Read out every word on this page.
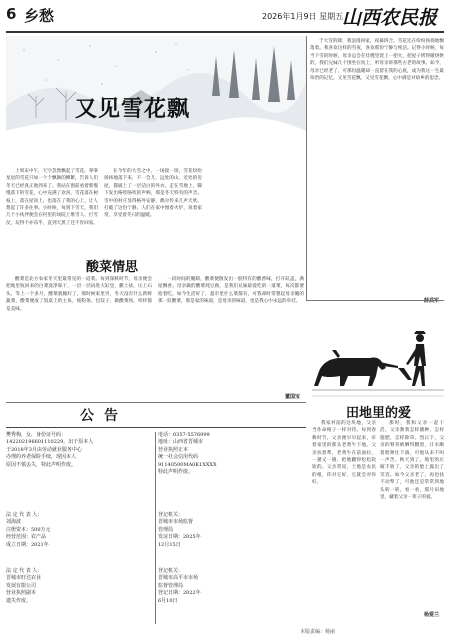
6 乡愁	2026年1月9日 星期五
山西农民报
又见雪花飘

上周末中午，天空忽然飘起了雪花。零零星星的雪花只如一个个飘舞的柳絮，告诉人们冬天已经真正地到来了。我站在窗前看着那慢慢落下的雪花，心中充满了欢喜。雪花落在树枝上，落在屋顶上，也落在了我的心上，让人想起了许多往事。小时候，每到下雪天，我们几个小伙伴便会在村里的场院上堆雪人、打雪仗，玩得不亦乐乎，直到天黑了还不肯回家。

在今年的大雪之中，一场接一场，雪花纷纷扬扬地落下来，不一会儿，远处的山、近处的房屋，都披上了一层洁白的外衣。走在雪地上，脚下发出咯吱咯吱的声响，那是冬天特有的声音。雪中的村庄显得格外安静，偶尔传来几声犬吠，打破了这份宁静。人们在家中围着火炉，说着家常，享受着冬日的温暖。

于大雪的降，我浪漫回家，夜幕四合，雪花还在纷纷扬扬地飘落着。我喜欢这样的雪夜，喜欢那份宁静与纯洁。记得小时候，每当下雪的时候，母亲总会在灶膛里烧上一把火，把屋子烤得暖烘烘的，我们兄妹几个围坐在炕上，听母亲讲那些古老的故事。如今，母亲已经老了，可那份温暖却一直留在我的心底，成为我这一生最珍贵的记忆。又见雪花飘，又见雪花飘，心中满是对故乡的思念。

薛武军
酸菜情思

酸菜是北方农家冬天里最常见的一道菜。每到深秋时节，母亲便会把地里收回来的白菜洗净晾干，一层一层码进大缸里，撒上盐，压上石头，等上一个多月，酸菜就腌好了。那时候家里穷，冬天没有什么新鲜蔬菜，酸菜便成了饭桌上的主角，炖粉条、包饺子、做酸菜汤，样样都是美味。

一段时间的腌制，酸菜便散发出一股特有的酸香味，打开缸盖，满屋飘香。母亲做的酸菜炖豆腐，是我们兄妹最爱吃的一道菜，每次都要抢着吃。如今生活好了，超市里什么菜都有，可我却时常想起母亲腌的那一缸酸菜，那是家的味道，是母亲的味道，也是我心中永远的牵挂。

董国宝
田地里的爱

我家村前的这块地，父亲当作命根子一样对待。每到春耕时节，父亲便早早起来，牵着家里的那头老黄牛下地。父亲扶着犁，老黄牛在前面拉，一趟又一趟，把地翻得松松软软的。父亲常说，土地是农民的根，你对它好，它就会对你好。

那时，我和父亲一起干活，父亲教我怎样播种、怎样施肥、怎样除草。烈日下，父亲的脊背被晒得黝黑，汗水顺着脸颊往下淌，可他从来不叫一声苦。秋天到了，地里的庄稼丰收了，父亲的脸上露出了笑容。如今父亲老了，再也扶不动犁了，可他还是常常到地头转一转，看一看，那片田地里，藏着父亲一辈子的爱。

杨爱兰
公告
樊秀梅，女，身份证号码：
142202196601110229，出于原本人
于2018年3月由劳动就业服务中心
办理的养老保险手续，现因本人
原因不慎丢失，特此声明作废。
电话：0357-5576999
地址：山西省晋城市
营业执照正本
统一社会信用代码
91140500MA0K1XXXX
特此声明作废。
法 定 代 表 人：
刘海波
注册资本：500万元
经营范围：农产品
成立日期：2021年
登记机关：
晋城市市场监督
管理局
发证日期：2025年
12月15日
法 定 代 表 人：
晋城市旺达农业
发展有限公司
营业执照副本
遗失作废。
登记机关：
晋城市高平市市场
监督管理局
登记日期：2022年
6月10日
本版责编：杨丽
